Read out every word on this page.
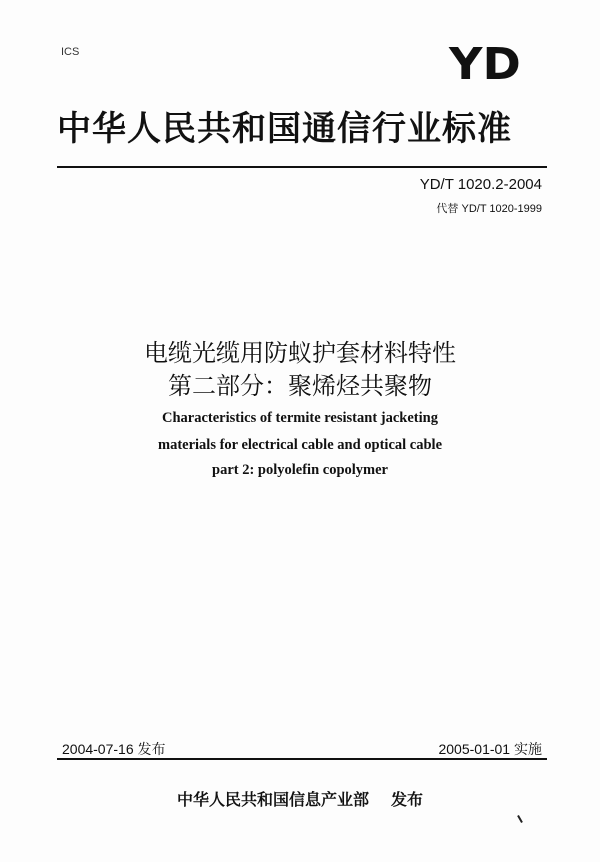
ICS	YD
中华人民共和国通信行业标准
YD/T 1020.2-2004
代替 YD/T 1020-1999
电缆光缆用防蚁护套材料特性
第二部分：聚烯烃共聚物
Characteristics of termite resistant jacketing
materials for electrical cable and optical cable
part 2: polyolefin copolymer
2004-07-16 发布	2005-01-01 实施
中华人民共和国信息产业部 发布
